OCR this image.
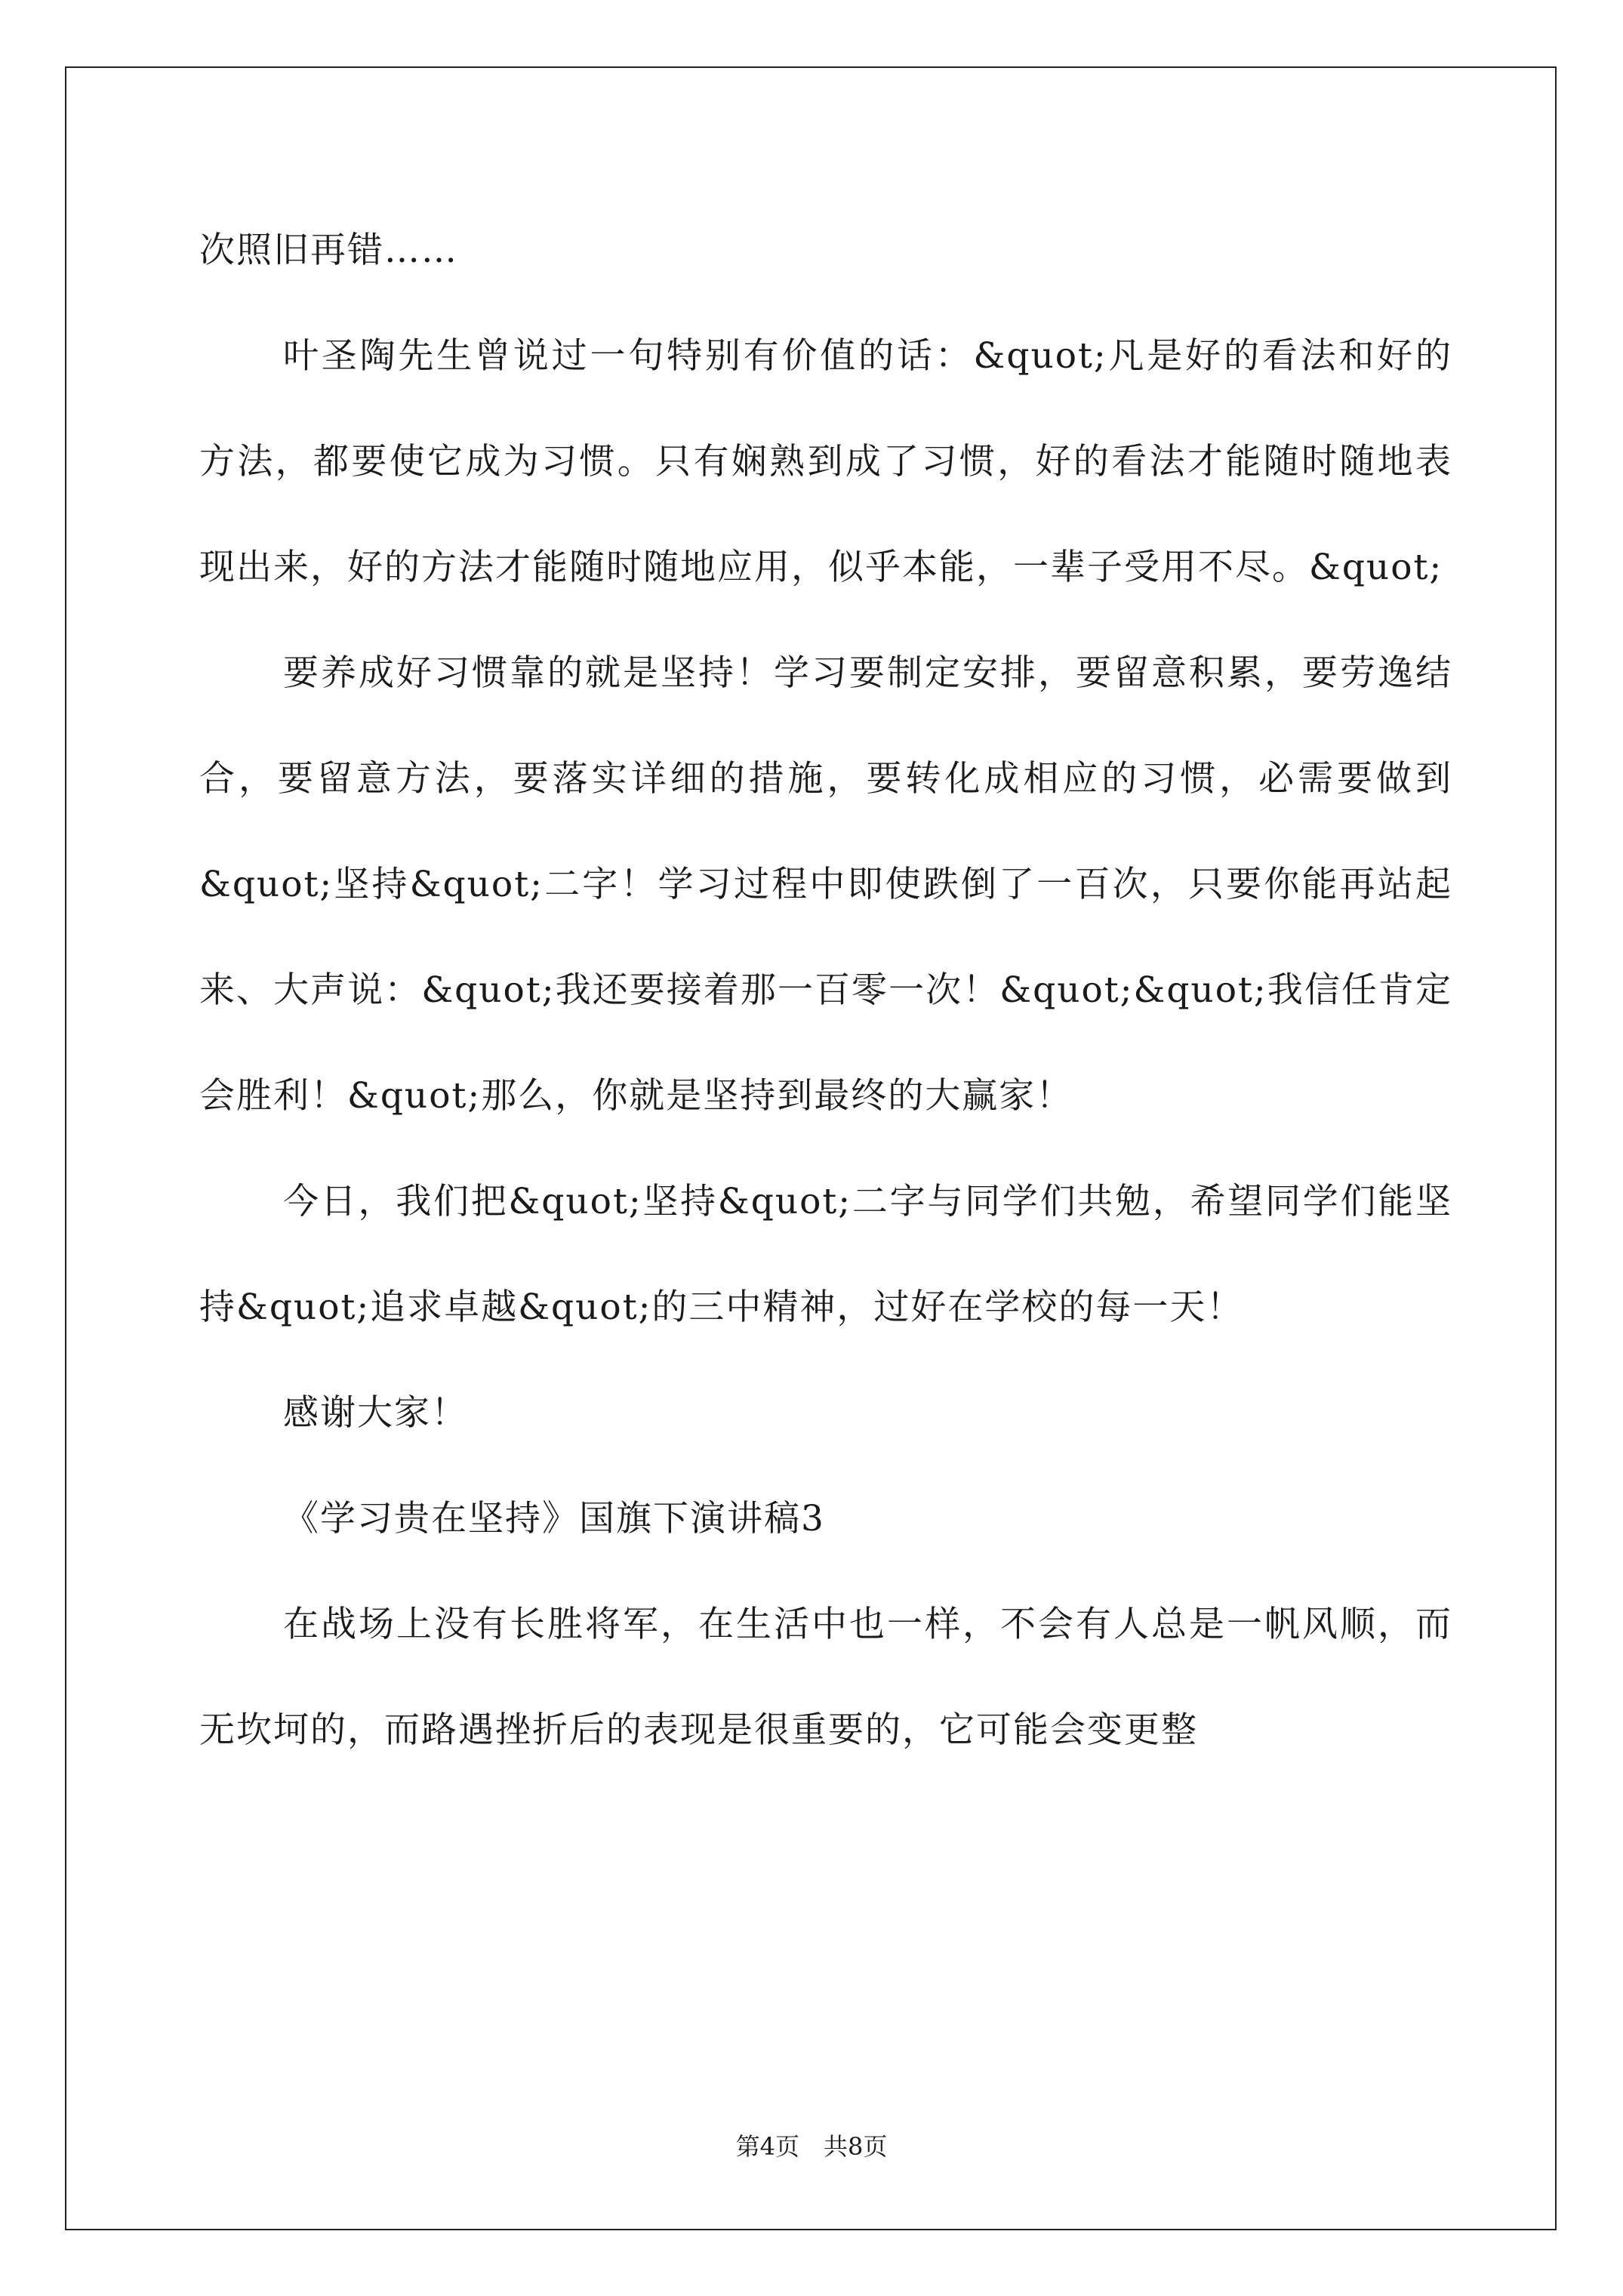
次照旧再错……

叶圣陶先生曾说过一句特别有价值的话：&quot;凡是好的看法和好的方法，都要使它成为习惯。只有娴熟到成了习惯，好的看法才能随时随地表现出来，好的方法才能随时随地应用，似乎本能，一辈子受用不尽。&quot;

要养成好习惯靠的就是坚持！学习要制定安排，要留意积累，要劳逸结合，要留意方法，要落实详细的措施，要转化成相应的习惯，必需要做到&quot;坚持&quot;二字！学习过程中即使跌倒了一百次，只要你能再站起来、大声说：&quot;我还要接着那一百零一次！&quot;&quot;我信任肯定会胜利！&quot;那么，你就是坚持到最终的大赢家！

今日，我们把&quot;坚持&quot;二字与同学们共勉，希望同学们能坚持&quot;追求卓越&quot;的三中精神，过好在学校的每一天！

感谢大家！

《学习贵在坚持》国旗下演讲稿3

在战场上没有长胜将军，在生活中也一样，不会有人总是一帆风顺，而无坎坷的，而路遇挫折后的表现是很重要的，它可能会变更整

第4页　共8页
